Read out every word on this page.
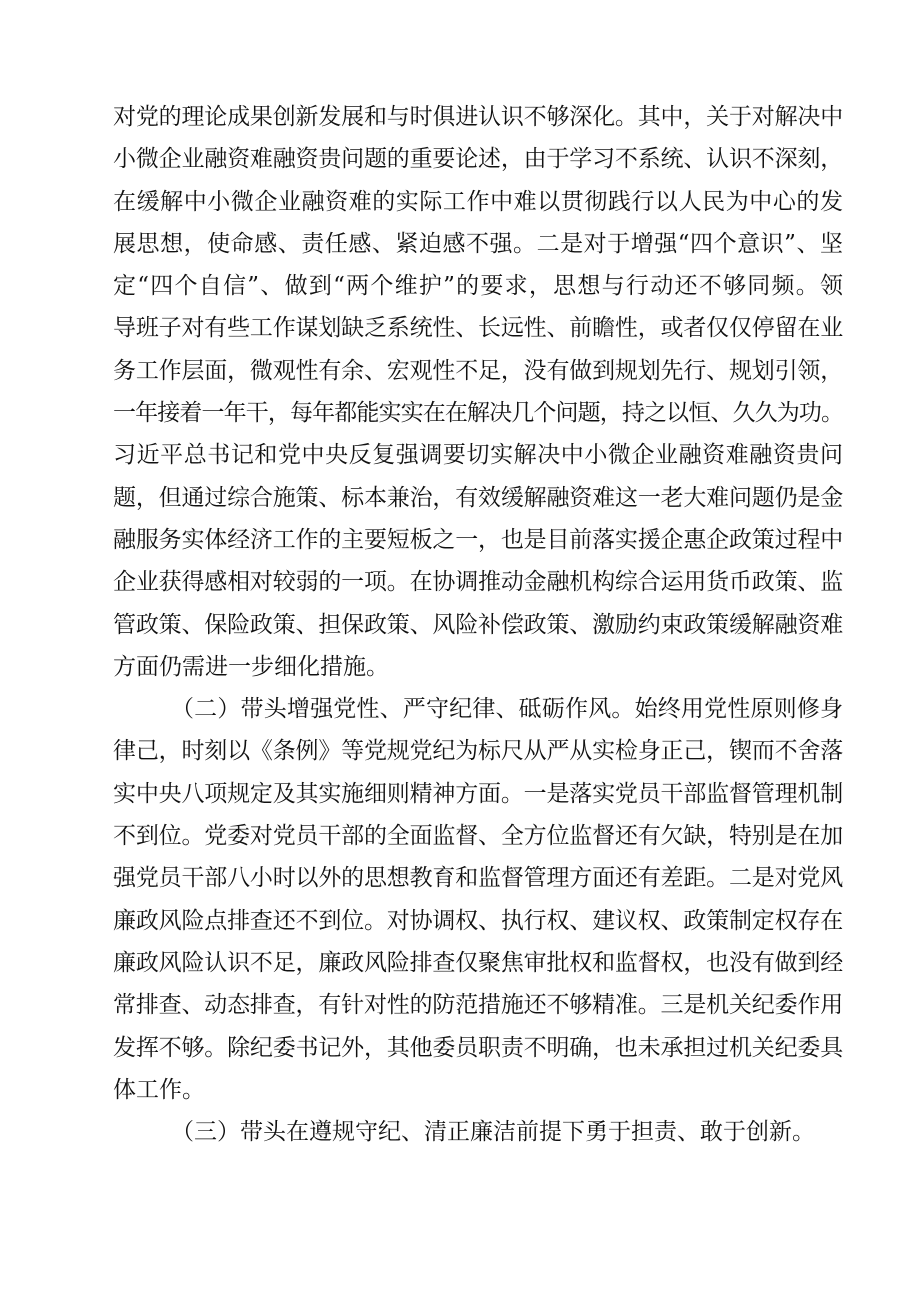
对党的理论成果创新发展和与时俱进认识不够深化。其中，关于对解决中
小微企业融资难融资贵问题的重要论述，由于学习不系统、认识不深刻，
在缓解中小微企业融资难的实际工作中难以贯彻践行以人民为中心的发
展思想，使命感、责任感、紧迫感不强。二是对于增强“四个意识”、坚
定“四个自信”、做到“两个维护”的要求，思想与行动还不够同频。领
导班子对有些工作谋划缺乏系统性、长远性、前瞻性，或者仅仅停留在业
务工作层面，微观性有余、宏观性不足，没有做到规划先行、规划引领，
一年接着一年干，每年都能实实在在解决几个问题，持之以恒、久久为功。
习近平总书记和党中央反复强调要切实解决中小微企业融资难融资贵问
题，但通过综合施策、标本兼治，有效缓解融资难这一老大难问题仍是金
融服务实体经济工作的主要短板之一，也是目前落实援企惠企政策过程中
企业获得感相对较弱的一项。在协调推动金融机构综合运用货币政策、监
管政策、保险政策、担保政策、风险补偿政策、激励约束政策缓解融资难
方面仍需进一步细化措施。
（二）带头增强党性、严守纪律、砥砺作风。始终用党性原则修身
律己，时刻以《条例》等党规党纪为标尺从严从实检身正己，锲而不舍落
实中央八项规定及其实施细则精神方面。一是落实党员干部监督管理机制
不到位。党委对党员干部的全面监督、全方位监督还有欠缺，特别是在加
强党员干部八小时以外的思想教育和监督管理方面还有差距。二是对党风
廉政风险点排查还不到位。对协调权、执行权、建议权、政策制定权存在
廉政风险认识不足，廉政风险排查仅聚焦审批权和监督权，也没有做到经
常排查、动态排查，有针对性的防范措施还不够精准。三是机关纪委作用
发挥不够。除纪委书记外，其他委员职责不明确，也未承担过机关纪委具
体工作。
（三）带头在遵规守纪、清正廉洁前提下勇于担责、敢于创新。
